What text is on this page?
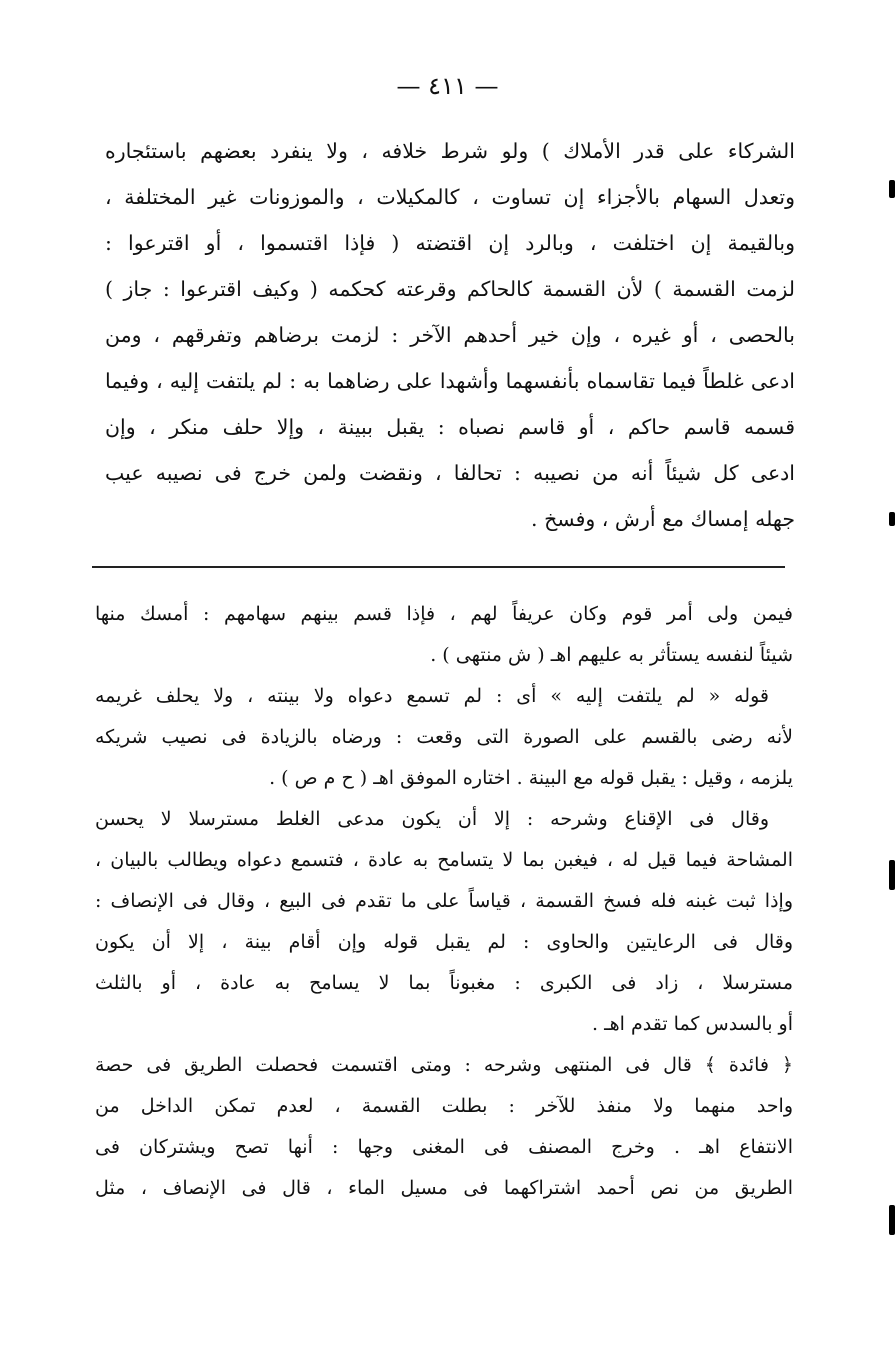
— ٤١١ —
الشركاء على قدر الأملاك ) ولو شرط خلافه ، ولا ينفرد بعضهم باستئجاره
وتعدل السهام بالأجزاء إن تساوت ، كالمكيلات ، والموزونات غير المختلفة ،
وبالقيمة إن اختلفت ، وبالرد إن اقتضته ( فإذا اقتسموا ، أو اقترعوا :
لزمت القسمة ) لأن القسمة كالحاكم وقرعته كحكمه ( وكيف اقترعوا : جاز )
بالحصى ، أو غيره ، وإن خير أحدهم الآخر : لزمت برضاهم وتفرقهم ، ومن
ادعى غلطاً فيما تقاسماه بأنفسهما وأشهدا على رضاهما به : لم يلتفت إليه ، وفيما
قسمه قاسم حاكم ، أو قاسم نصباه : يقبل ببينة ، وإلا حلف منكر ، وإن
ادعى كل شيئاً أنه من نصيبه : تحالفا ، ونقضت ولمن خرج فى نصيبه عيب
جهله إمساك مع أرش ، وفسخ .
فيمن ولى أمر قوم وكان عريفاً لهم ، فإذا قسم بينهم سهامهم : أمسك منها
شيئاً لنفسه يستأثر به عليهم اهـ ( ش منتهى ) .
قوله « لم يلتفت إليه » أى : لم تسمع دعواه ولا بينته ، ولا يحلف غريمه
لأنه رضى بالقسم على الصورة التى وقعت : ورضاه بالزيادة فى نصيب شريكه
يلزمه ، وقيل : يقبل قوله مع البينة . اختاره الموفق اهـ ( ح م ص ) .
وقال فى الإقناع وشرحه : إلا أن يكون مدعى الغلط مسترسلا لا يحسن
المشاحة فيما قيل له ، فيغبن بما لا يتسامح به عادة ، فتسمع دعواه ويطالب بالبيان ،
وإذا ثبت غبنه فله فسخ القسمة ، قياساً على ما تقدم فى البيع ، وقال فى الإنصاف :
وقال فى الرعايتين والحاوى : لم يقبل قوله وإن أقام بينة ، إلا أن يكون
مسترسلا ، زاد فى الكبرى : مغبوناً بما لا يسامح به عادة ، أو بالثلث
أو بالسدس كما تقدم اهـ .
﴿ فائدة ﴾ قال فى المنتهى وشرحه : ومتى اقتسمت فحصلت الطريق فى حصة
واحد منهما ولا منفذ للآخر : بطلت القسمة ، لعدم تمكن الداخل من
الانتفاع اهـ . وخرج المصنف فى المغنى وجها : أنها تصح ويشتركان فى
الطريق من نص أحمد اشتراكهما فى مسيل الماء ، قال فى الإنصاف ، مثل
